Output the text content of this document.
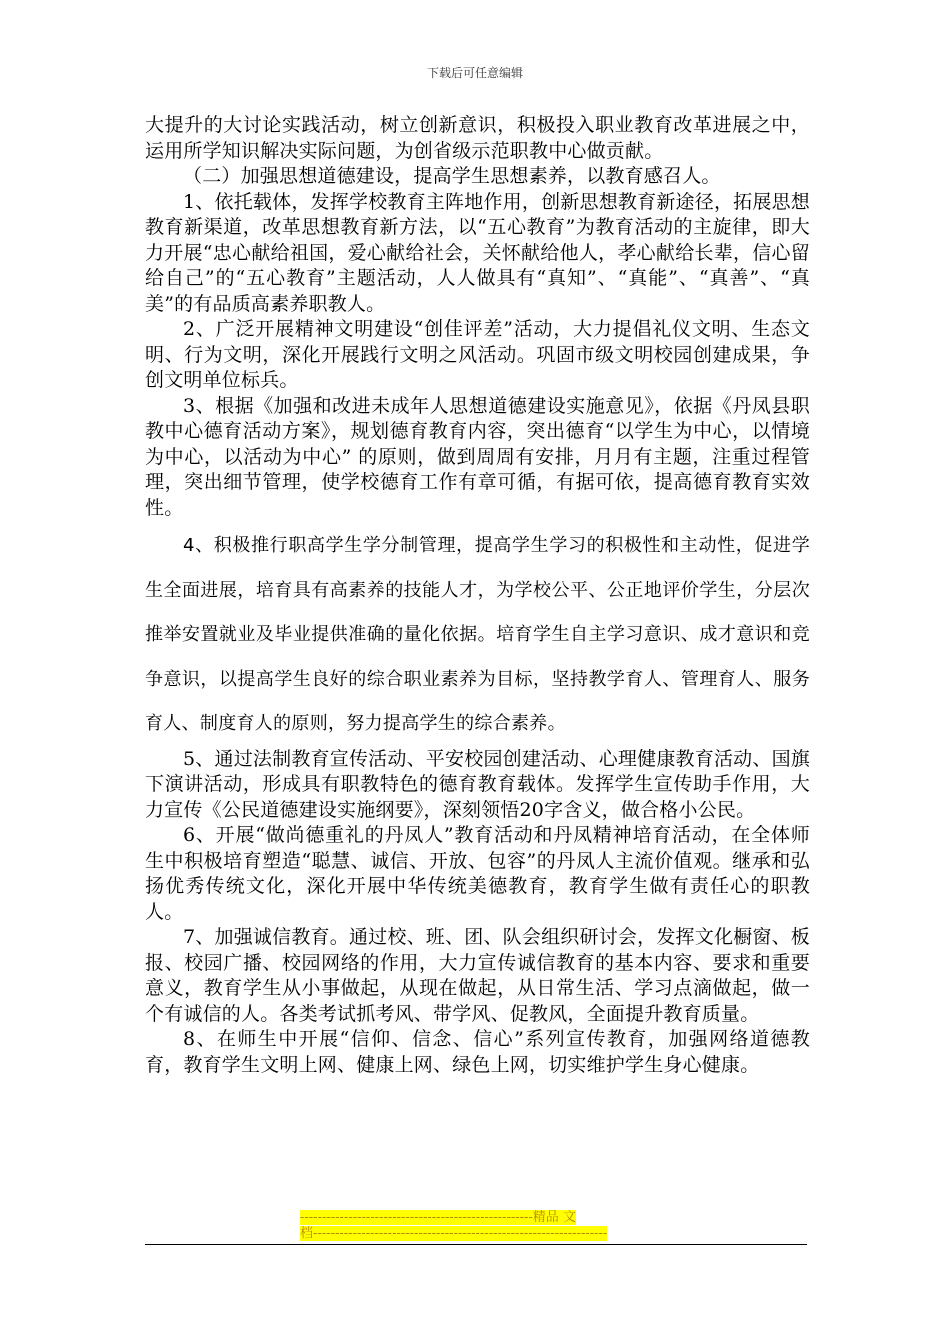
下载后可任意编辑

大提升的大讨论实践活动，树立创新意识，积极投入职业教育改革进展之中，运用所学知识解决实际问题，为创省级示范职教中心做贡献。

（二）加强思想道德建设，提高学生思想素养，以教育感召人。

1、依托载体，发挥学校教育主阵地作用，创新思想教育新途径，拓展思想教育新渠道，改革思想教育新方法，以“五心教育”为教育活动的主旋律，即大力开展“忠心献给祖国，爱心献给社会，关怀献给他人，孝心献给长辈，信心留给自己”的“五心教育”主题活动，人人做具有“真知”、“真能”、“真善”、“真美”的有品质高素养职教人。

2、广泛开展精神文明建设“创佳评差”活动，大力提倡礼仪文明、生态文明、行为文明，深化开展践行文明之风活动。巩固市级文明校园创建成果，争创文明单位标兵。

3、根据《加强和改进未成年人思想道德建设实施意见》，依据《丹凤县职教中心德育活动方案》，规划德育教育内容，突出德育“以学生为中心，以情境为中心，以活动为中心” 的原则，做到周周有安排，月月有主题，注重过程管理，突出细节管理，使学校德育工作有章可循，有据可依，提高德育教育实效性。

4、积极推行职高学生学分制管理，提高学生学习的积极性和主动性，促进学生全面进展，培育具有高素养的技能人才，为学校公平、公正地评价学生，分层次推举安置就业及毕业提供准确的量化依据。培育学生自主学习意识、成才意识和竞争意识，以提高学生良好的综合职业素养为目标，坚持教学育人、管理育人、服务育人、制度育人的原则，努力提高学生的综合素养。

5、通过法制教育宣传活动、平安校园创建活动、心理健康教育活动、国旗下演讲活动，形成具有职教特色的德育教育载体。发挥学生宣传助手作用，大力宣传《公民道德建设实施纲要》，深刻领悟20字含义，做合格小公民。

6、开展“做尚德重礼的丹凤人”教育活动和丹凤精神培育活动，在全体师生中积极培育塑造“聪慧、诚信、开放、包容”的丹凤人主流价值观。继承和弘扬优秀传统文化，深化开展中华传统美德教育，教育学生做有责任心的职教人。

7、加强诚信教育。通过校、班、团、队会组织研讨会，发挥文化橱窗、板报、校园广播、校园网络的作用，大力宣传诚信教育的基本内容、要求和重要意义，教育学生从小事做起，从现在做起，从日常生活、学习点滴做起，做一个有诚信的人。各类考试抓考风、带学风、促教风，全面提升教育质量。

8、在师生中开展“信仰、信念、信心”系列宣传教育，加强网络道德教育，教育学生文明上网、健康上网、绿色上网，切实维护学生身心健康。

-----------------------------------------------------精品 文
档-------------------------------------------------------------------
